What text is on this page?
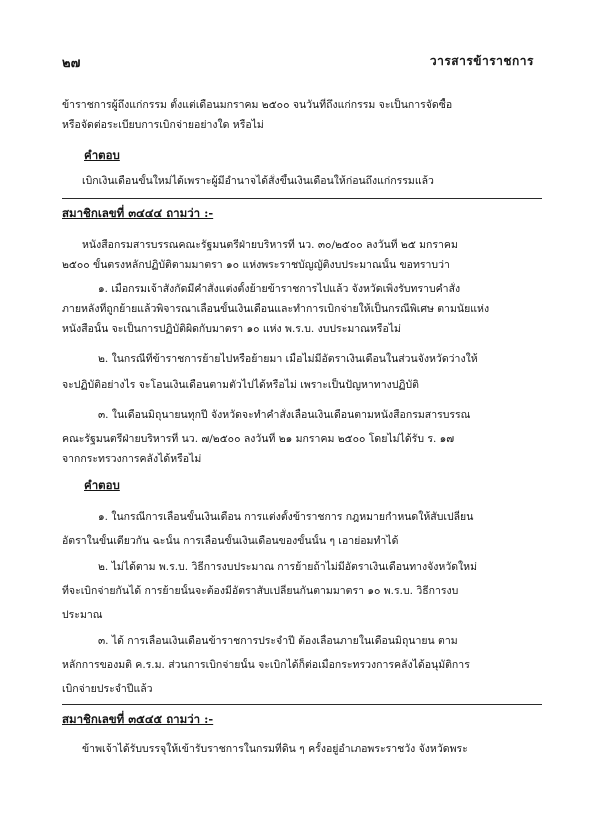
๒๗	วารสารข้าราชการ
ข้าราชการผู้ถึงแก่กรรม ตั้งแต่เดือนมกราคม ๒๕๐๐ จนวันที่ถึงแก่กรรม จะเป็นการจัดซื้อ
หรือจัดต่อระเบียบการเบิกจ่ายอย่างใด หรือไม่
คำตอบ
เบิกเงินเดือนขั้นใหม่ได้เพราะผู้มีอำนาจได้สั่งขึ้นเงินเดือนให้ก่อนถึงแก่กรรมแล้ว
สมาชิกเลขที่ ๓๔๔๔ ถามว่า :-
หนังสือกรมสารบรรณคณะรัฐมนตรีฝ่ายบริหารที่ นว. ๓๐/๒๕๐๐ ลงวันที่ ๒๕ มกราคม
๒๕๐๐ ขั้นตรงหลักปฏิบัติตามมาตรา ๑๐ แห่งพระราชบัญญัติงบประมาณนั้น ขอทราบว่า
๑. เมื่อกรมเจ้าสังกัดมีคำสั่งแต่งตั้งย้ายข้าราชการไปแล้ว จังหวัดเพิ่งรับทราบคำสั่ง
ภายหลังที่ถูกย้ายแล้วพิจารณาเลื่อนขั้นเงินเดือนและทำการเบิกจ่ายให้เป็นกรณีพิเศษ ตามนัยแห่ง
หนังสือนั้น จะเป็นการปฏิบัติผิดกับมาตรา ๑๐ แห่ง พ.ร.บ. งบประมาณหรือไม่
๒. ในกรณีที่ข้าราชการย้ายไปหรือย้ายมา เมื่อไม่มีอัตราเงินเดือนในส่วนจังหวัดว่างให้
จะปฏิบัติอย่างไร จะโอนเงินเดือนตามตัวไปได้หรือไม่ เพราะเป็นปัญหาทางปฏิบัติ
๓. ในเดือนมิถุนายนทุกปี จังหวัดจะทำคำสั่งเลื่อนเงินเดือนตามหนังสือกรมสารบรรณ
คณะรัฐมนตรีฝ่ายบริหารที่ นว. ๗/๒๕๐๐ ลงวันที่ ๒๑ มกราคม ๒๕๐๐ โดยไม่ได้รับ ร. ๑๗
จากกระทรวงการคลังได้หรือไม่
คำตอบ
๑. ในกรณีการเลื่อนขั้นเงินเดือน การแต่งตั้งข้าราชการ กฎหมายกำหนดให้สับเปลี่ยน
อัตราในขั้นเดียวกัน ฉะนั้น การเลื่อนขั้นเงินเดือนของขั้นนั้น ๆ เอาย่อมทำได้
๒. ไม่ได้ตาม พ.ร.บ. วิธีการงบประมาณ การย้ายถ้าไม่มีอัตราเงินเดือนทางจังหวัดใหม่
ที่จะเบิกจ่ายกันได้ การย้ายนั้นจะต้องมีอัตราสับเปลี่ยนกันตามมาตรา ๑๐ พ.ร.บ. วิธีการงบ
ประมาณ
๓. ได้ การเลื่อนเงินเดือนข้าราชการประจำปี ต้องเลื่อนภายในเดือนมิถุนายน ตาม
หลักการของมติ ค.ร.ม. ส่วนการเบิกจ่ายนั้น จะเบิกได้ก็ต่อเมื่อกระทรวงการคลังได้อนุมัติการ
เบิกจ่ายประจำปีแล้ว
สมาชิกเลขที่ ๓๕๔๕ ถามว่า :-
ข้าพเจ้าได้รับบรรจุให้เข้ารับราชการในกรมที่ดิน ๆ ครั้งอยู่อำเภอพระราชวัง จังหวัดพระ
